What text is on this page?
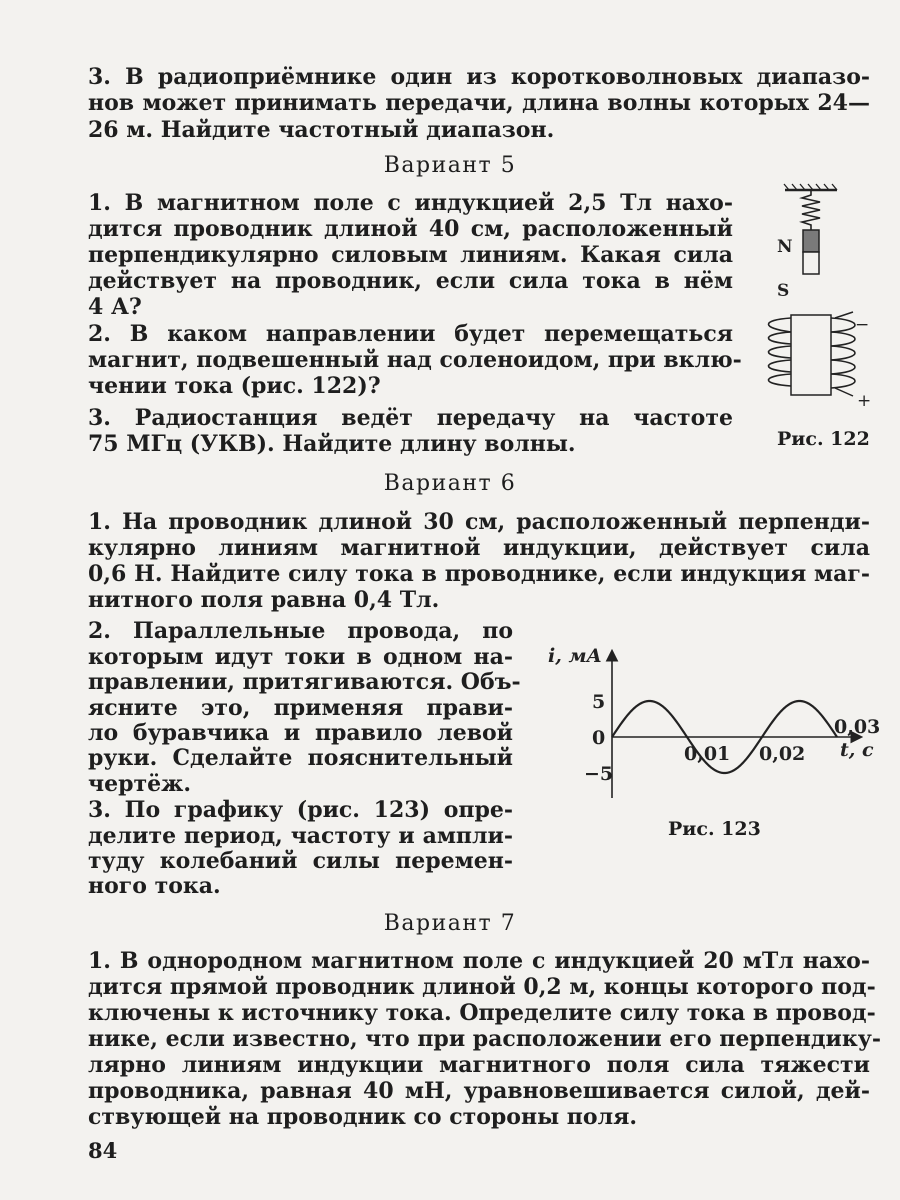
3. В радиоприёмнике один из коротковолновых диапазо-
нов может принимать передачи, длина волны которых 24—
26 м. Найдите частотный диапазон.
Вариант 5
1. В магнитном поле с индукцией 2,5 Тл нахо-
дится проводник длиной 40 см, расположенный
перпендикулярно силовым линиям. Какая сила
действует на проводник, если сила тока в нём
4 А?
2. В каком направлении будет перемещаться
магнит, подвешенный над соленоидом, при вклю-
чении тока (рис. 122)?
3. Радиостанция ведёт передачу на частоте
75 МГц (УКВ). Найдите длину волны.
N
S
−
+
Рис. 122
Вариант 6
1. На проводник длиной 30 см, расположенный перпенди-
кулярно линиям магнитной индукции, действует сила
0,6 Н. Найдите силу тока в проводнике, если индукция маг-
нитного поля равна 0,4 Тл.
2. Параллельные провода, по
которым идут токи в одном на-
правлении, притягиваются. Объ-
ясните это, применяя прави-
ло буравчика и правило левой
руки. Сделайте пояснительный
чертёж.
3. По графику (рис. 123) опре-
делите период, частоту и ампли-
туду колебаний силы перемен-
ного тока.
i, мА
t, с
5
0
−5
0,01 0,02
0,03
Рис. 123
Вариант 7
1. В однородном магнитном поле с индукцией 20 мТл нахо-
дится прямой проводник длиной 0,2 м, концы которого под-
ключены к источнику тока. Определите силу тока в провод-
нике, если известно, что при расположении его перпендику-
лярно линиям индукции магнитного поля сила тяжести
проводника, равная 40 мН, уравновешивается силой, дей-
ствующей на проводник со стороны поля.
84
